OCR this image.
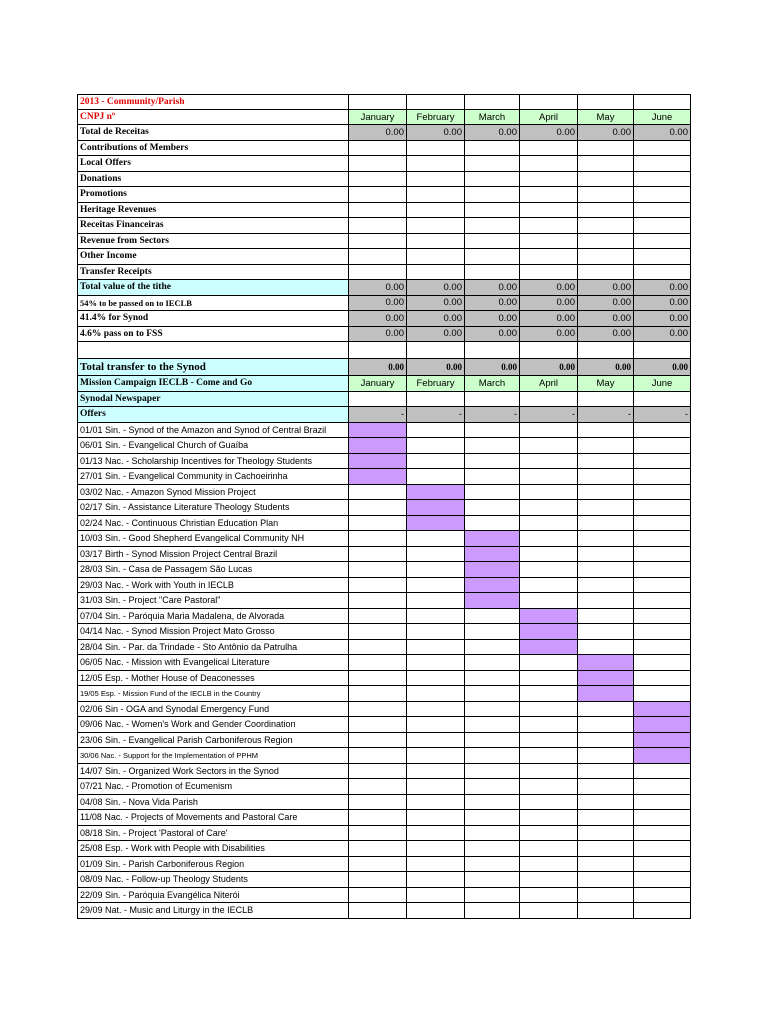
2013 - Community/Parish						
CNPJ nº	January	February	March	April	May	June
Total de Receitas	0.00	0.00	0.00	0.00	0.00	0.00
Contributions of Members						
Local Offers						
Donations						
Promotions						
Heritage Revenues						
Receitas Financeiras						
Revenue from Sectors						
Other Income						
Transfer Receipts						
Total value of the tithe	0.00	0.00	0.00	0.00	0.00	0.00
54% to be passed on to IECLB	0.00	0.00	0.00	0.00	0.00	0.00
41.4% for Synod	0.00	0.00	0.00	0.00	0.00	0.00
4.6% pass on to FSS	0.00	0.00	0.00	0.00	0.00	0.00

Total transfer to the Synod	0.00	0.00	0.00	0.00	0.00	0.00
Mission Campaign IECLB - Come and Go	January	February	March	April	May	June
Synodal Newspaper						
Offers	-	-	-	-	-	-
01/01 Sin. - Synod of the Amazon and Synod of Central Brazil						
06/01 Sin. - Evangelical Church of Guaíba						
01/13 Nac. - Scholarship Incentives for Theology Students						
27/01 Sin. - Evangelical Community in Cachoeirinha						
03/02 Nac. - Amazon Synod Mission Project						
02/17 Sin. - Assistance Literature Theology Students						
02/24 Nac. - Continuous Christian Education Plan						
10/03 Sin. - Good Shepherd Evangelical Community NH						
03/17 Birth - Synod Mission Project Central Brazil						
28/03 Sin. - Casa de Passagem São Lucas						
29/03 Nac. - Work with Youth in IECLB						
31/03 Sin. - Project "Care Pastoral"						
07/04 Sin. - Paróquia Maria Madalena, de Alvorada						
04/14 Nac. - Synod Mission Project Mato Grosso						
28/04 Sin. - Par. da Trindade - Sto Antônio da Patrulha						
06/05 Nac. - Mission with Evangelical Literature						
12/05 Esp. - Mother House of Deaconesses						
19/05 Esp. - Mission Fund of the IECLB in the Country						
02/06 Sin - OGA and Synodal Emergency Fund						
09/06 Nac. - Women's Work and Gender Coordination						
23/06 Sin. - Evangelical Parish Carboniferous Region						
30/06 Nac. - Support for the Implementation of PPHM						
14/07 Sin. - Organized Work Sectors in the Synod						
07/21 Nac. - Promotion of Ecumenism						
04/08 Sin. - Nova Vida Parish						
11/08 Nac. - Projects of Movements and Pastoral Care						
08/18 Sin. - Project 'Pastoral of Care'						
25/08 Esp. - Work with People with Disabilities						
01/09 Sin. - Parish Carboniferous Region						
08/09 Nac. - Follow-up Theology Students						
22/09 Sin. - Paróquia Evangélica Niterói						
29/09 Nat. - Music and Liturgy in the IECLB						
